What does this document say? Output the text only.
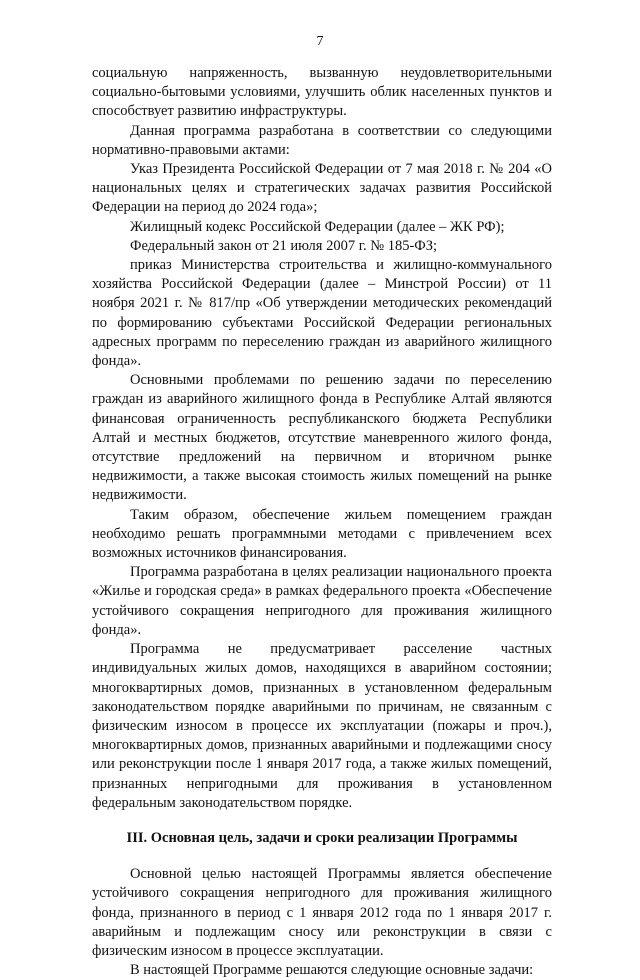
7

социальную напряженность, вызванную неудовлетворительными социально-бытовыми условиями, улучшить облик населенных пунктов и способствует развитию инфраструктуры.

Данная программа разработана в соответствии со следующими нормативно-правовыми актами:

Указ Президента Российской Федерации от 7 мая 2018 г. № 204 «О национальных целях и стратегических задачах развития Российской Федерации на период до 2024 года»;

Жилищный кодекс Российской Федерации (далее – ЖК РФ);

Федеральный закон от 21 июля 2007 г. № 185-ФЗ;

приказ Министерства строительства и жилищно-коммунального хозяйства Российской Федерации (далее – Минстрой России) от 11 ноября 2021 г. № 817/пр «Об утверждении методических рекомендаций по формированию субъектами Российской Федерации региональных адресных программ по переселению граждан из аварийного жилищного фонда».

Основными проблемами по решению задачи по переселению граждан из аварийного жилищного фонда в Республике Алтай являются финансовая ограниченность республиканского бюджета Республики Алтай и местных бюджетов, отсутствие маневренного жилого фонда, отсутствие предложений на первичном и вторичном рынке недвижимости, а также высокая стоимость жилых помещений на рынке недвижимости.

Таким образом, обеспечение жильем помещением граждан необходимо решать программными методами с привлечением всех возможных источников финансирования.

Программа разработана в целях реализации национального проекта «Жилье и городская среда» в рамках федерального проекта «Обеспечение устойчивого сокращения непригодного для проживания жилищного фонда».

Программа не предусматривает расселение частных индивидуальных жилых домов, находящихся в аварийном состоянии; многоквартирных домов, признанных в установленном федеральным законодательством порядке аварийными по причинам, не связанным с физическим износом в процессе их эксплуатации (пожары и проч.), многоквартирных домов, признанных аварийными и подлежащими сносу или реконструкции после 1 января 2017 года, а также жилых помещений, признанных непригодными для проживания в установленном федеральным законодательством порядке.

III. Основная цель, задачи и сроки реализации Программы

Основной целью настоящей Программы является обеспечение устойчивого сокращения непригодного для проживания жилищного фонда, признанного в период с 1 января 2012 года по 1 января 2017 г. аварийным и подлежащим сносу или реконструкции в связи с физическим износом в процессе эксплуатации.

В настоящей Программе решаются следующие основные задачи:
